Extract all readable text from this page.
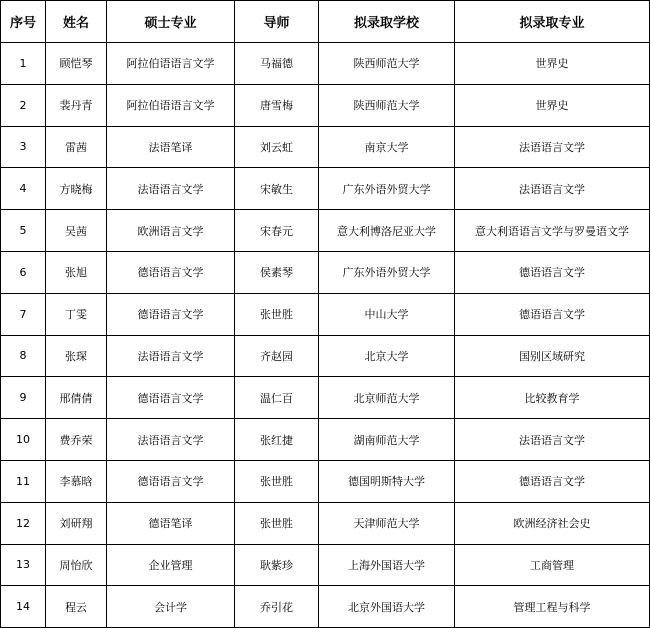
序号	姓名	硕士专业	导师	拟录取学校	拟录取专业
1	顾恺琴	阿拉伯语语言文学	马福德	陕西师范大学	世界史
2	裴丹青	阿拉伯语语言文学	唐雪梅	陕西师范大学	世界史
3	雷茜	法语笔译	刘云虹	南京大学	法语语言文学
4	方晓梅	法语语言文学	宋敏生	广东外语外贸大学	法语语言文学
5	吴茜	欧洲语言文学	宋春元	意大利博洛尼亚大学	意大利语语言文学与罗曼语文学
6	张旭	德语语言文学	侯素琴	广东外语外贸大学	德语语言文学
7	丁雯	德语语言文学	张世胜	中山大学	德语语言文学
8	张琛	法语语言文学	齐赵园	北京大学	国别区域研究
9	邢倩倩	德语语言文学	温仁百	北京师范大学	比较教育学
10	费乔荣	法语语言文学	张红捷	湖南师范大学	法语语言文学
11	李慕晗	德语语言文学	张世胜	德国明斯特大学	德语语言文学
12	刘研翔	德语笔译	张世胜	天津师范大学	欧洲经济社会史
13	周怡欣	企业管理	耿紫珍	上海外国语大学	工商管理
14	程云	会计学	乔引花	北京外国语大学	管理工程与科学
